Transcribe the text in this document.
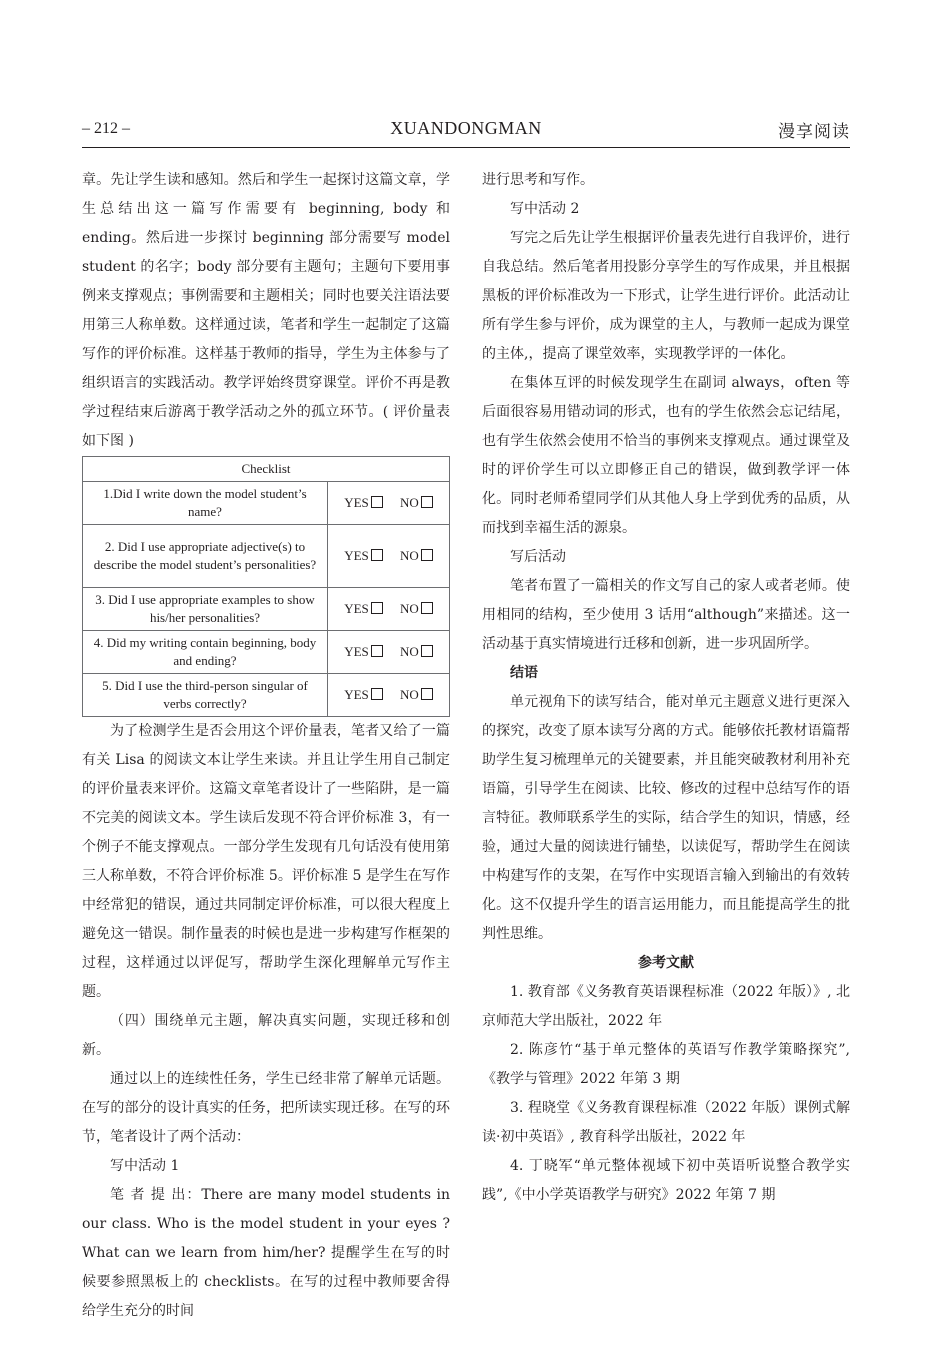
– 212 –	XUANDONGMAN	漫享阅读

章。先让学生读和感知。然后和学生一起探讨这篇文章，学生总结出这一篇写作需要有 beginning, body 和 ending。然后进一步探讨 beginning 部分需要写 model student 的名字；body 部分要有主题句；主题句下要用事例来支撑观点；事例需要和主题相关；同时也要关注语法要用第三人称单数。这样通过读，笔者和学生一起制定了这篇写作的评价标准。这样基于教师的指导，学生为主体参与了组织语言的实践活动。教学评始终贯穿课堂。评价不再是教学过程结束后游离于教学活动之外的孤立环节。( 评价量表如下图 )

Checklist	
1.Did I write down the model student’s name?	YES NO
2. Did I use appropriate adjective(s) to describe the model student’s personalities?	YES NO
3. Did I use appropriate examples to show his/her personalities?	YES NO
4. Did my writing contain beginning, body and ending?	YES NO
5. Did I use the third-person singular of verbs correctly?	YES NO

为了检测学生是否会用这个评价量表，笔者又给了一篇有关 Lisa 的阅读文本让学生来读。并且让学生用自己制定的评价量表来评价。这篇文章笔者设计了一些陷阱，是一篇不完美的阅读文本。学生读后发现不符合评价标准 3，有一个例子不能支撑观点。一部分学生发现有几句话没有使用第三人称单数，不符合评价标准 5。评价标准 5 是学生在写作中经常犯的错误，通过共同制定评价标准，可以很大程度上避免这一错误。制作量表的时候也是进一步构建写作框架的过程，这样通过以评促写，帮助学生深化理解单元写作主题。

（四）围绕单元主题，解决真实问题，实现迁移和创新。

通过以上的连续性任务，学生已经非常了解单元话题。在写的部分的设计真实的任务，把所读实现迁移。在写的环节，笔者设计了两个活动：

写中活动 1

笔 者 提 出：There are many model students in our class. Who is the model student in your eyes ?What can we learn from him/her? 提醒学生在写的时候要参照黑板上的 checklists。在写的过程中教师要舍得给学生充分的时间

进行思考和写作。

写中活动 2

写完之后先让学生根据评价量表先进行自我评价，进行自我总结。然后笔者用投影分享学生的写作成果，并且根据黑板的评价标准改为一下形式，让学生进行评价。此活动让所有学生参与评价，成为课堂的主人，与教师一起成为课堂的主体,，提高了课堂效率，实现教学评的一体化。

在集体互评的时候发现学生在副词 always，often 等后面很容易用错动词的形式，也有的学生依然会忘记结尾，也有学生依然会使用不恰当的事例来支撑观点。通过课堂及时的评价学生可以立即修正自己的错误，做到教学评一体化。同时老师希望同学们从其他人身上学到优秀的品质，从而找到幸福生活的源泉。

写后活动

笔者布置了一篇相关的作文写自己的家人或者老师。使用相同的结构，至少使用 3 话用“although”来描述。这一活动基于真实情境进行迁移和创新，进一步巩固所学。

结语

单元视角下的读写结合，能对单元主题意义进行更深入的探究，改变了原本读写分离的方式。能够依托教材语篇帮助学生复习梳理单元的关键要素，并且能突破教材利用补充语篇，引导学生在阅读、比较、修改的过程中总结写作的语言特征。教师联系学生的实际，结合学生的知识，情感，经验，通过大量的阅读进行铺垫，以读促写，帮助学生在阅读中构建写作的支架，在写作中实现语言输入到输出的有效转化。这不仅提升学生的语言运用能力，而且能提高学生的批判性思维。

参考文献

1. 教育部《义务教育英语课程标准（2022 年版）》, 北京师范大学出版社，2022 年

2. 陈彦竹“基于单元整体的英语写作教学策略探究”,《教学与管理》2022 年第 3 期

3. 程晓堂《义务教育课程标准（2022 年版）课例式解读·初中英语》, 教育科学出版社，2022 年

4. 丁晓军“单元整体视域下初中英语听说整合教学实践”,《中小学英语教学与研究》2022 年第 7 期
